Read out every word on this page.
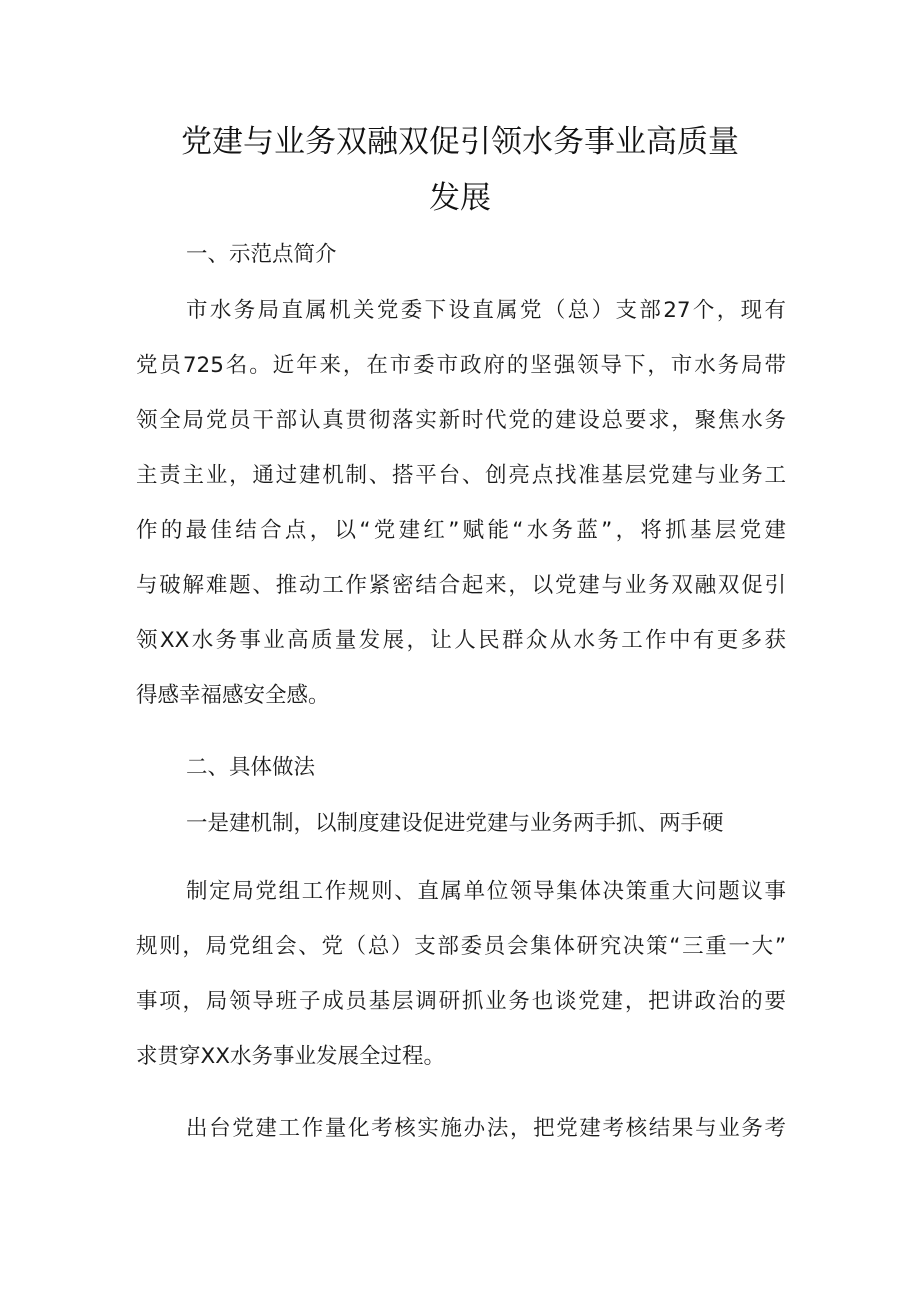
党建与业务双融双促引领水务事业高质量
发展
一、示范点简介
市水务局直属机关党委下设直属党（总）支部27个，现有
党员725名。近年来，在市委市政府的坚强领导下，市水务局带
领全局党员干部认真贯彻落实新时代党的建设总要求，聚焦水务
主责主业，通过建机制、搭平台、创亮点找准基层党建与业务工
作的最佳结合点，以“党建红”赋能“水务蓝”，将抓基层党建
与破解难题、推动工作紧密结合起来，以党建与业务双融双促引
领XX水务事业高质量发展，让人民群众从水务工作中有更多获
得感幸福感安全感。
二、具体做法
一是建机制，以制度建设促进党建与业务两手抓、两手硬
制定局党组工作规则、直属单位领导集体决策重大问题议事
规则，局党组会、党（总）支部委员会集体研究决策“三重一大”
事项，局领导班子成员基层调研抓业务也谈党建，把讲政治的要
求贯穿XX水务事业发展全过程。
出台党建工作量化考核实施办法，把党建考核结果与业务考
